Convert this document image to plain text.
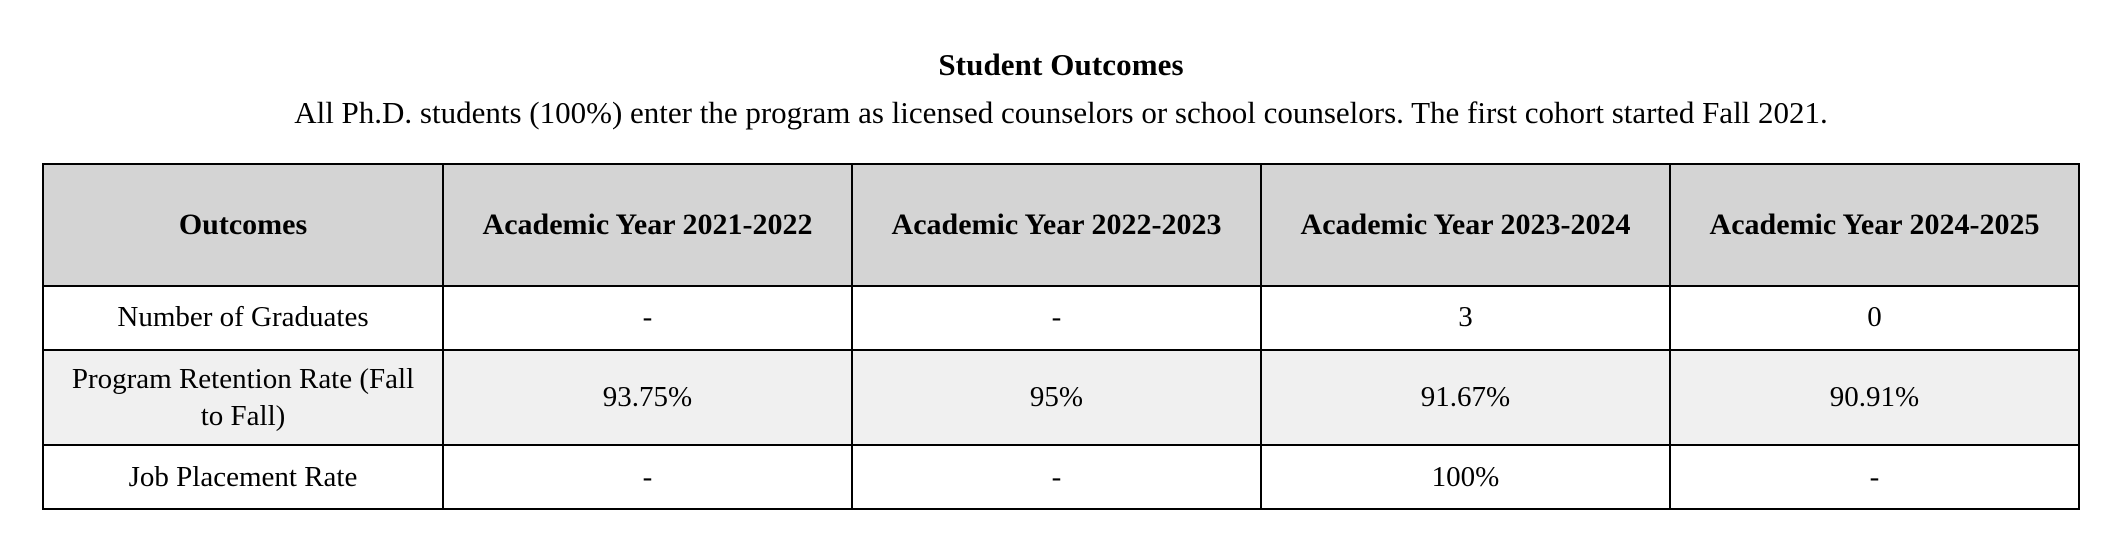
Student Outcomes
All Ph.D. students (100%) enter the program as licensed counselors or school counselors. The first cohort started Fall 2021.
Outcomes	Academic Year 2021-2022	Academic Year 2022-2023	Academic Year 2023-2024	Academic Year 2024-2025
Number of Graduates	-	-	3	0
Program Retention Rate (Fall to Fall)	93.75%	95%	91.67%	90.91%
Job Placement Rate	-	-	100%	-
